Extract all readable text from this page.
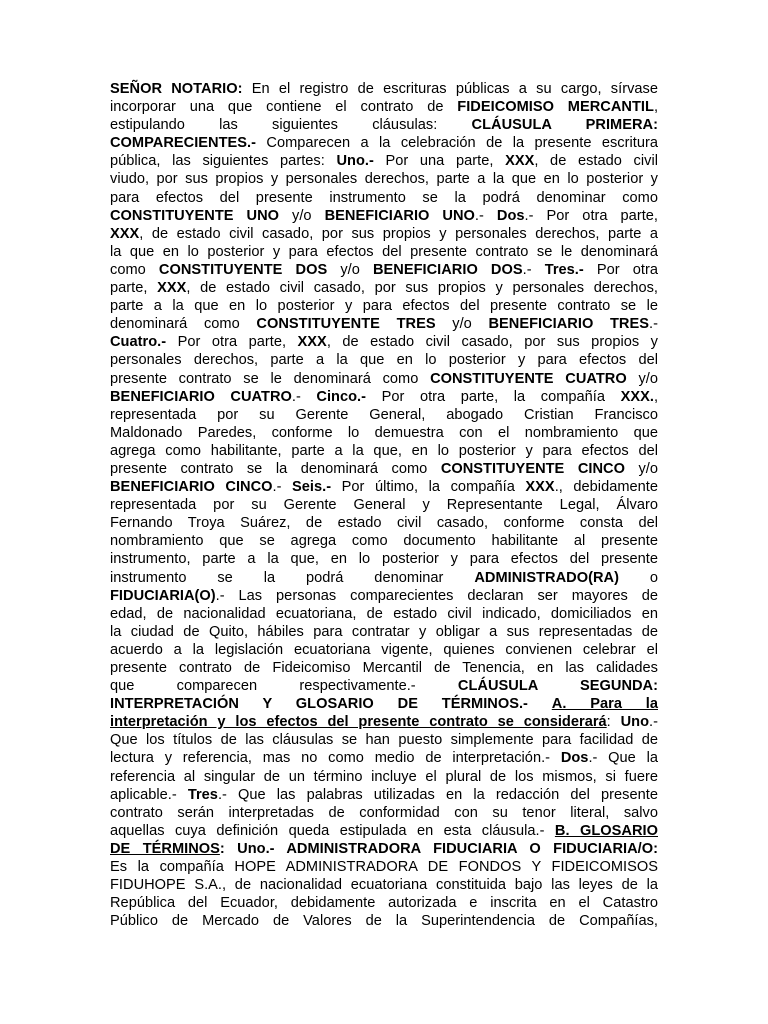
SEÑOR NOTARIO: En el registro de escrituras públicas a su cargo, sírvase
incorporar una que contiene el contrato de FIDEICOMISO MERCANTIL,
estipulando las siguientes cláusulas: CLÁUSULA PRIMERA:
COMPARECIENTES.- Comparecen a la celebración de la presente escritura
pública, las siguientes partes: Uno.- Por una parte, XXX, de estado civil
viudo, por sus propios y personales derechos, parte a la que en lo posterior y
para efectos del presente instrumento se la podrá denominar como
CONSTITUYENTE UNO y/o BENEFICIARIO UNO.- Dos.- Por otra parte,
XXX, de estado civil casado, por sus propios y personales derechos, parte a
la que en lo posterior y para efectos del presente contrato se le denominará
como CONSTITUYENTE DOS y/o BENEFICIARIO DOS.- Tres.- Por otra
parte, XXX, de estado civil casado, por sus propios y personales derechos,
parte a la que en lo posterior y para efectos del presente contrato se le
denominará como CONSTITUYENTE TRES y/o BENEFICIARIO TRES.-
Cuatro.- Por otra parte, XXX, de estado civil casado, por sus propios y
personales derechos, parte a la que en lo posterior y para efectos del
presente contrato se le denominará como CONSTITUYENTE CUATRO y/o
BENEFICIARIO CUATRO.- Cinco.- Por otra parte, la compañía XXX.,
representada por su Gerente General, abogado Cristian Francisco
Maldonado Paredes, conforme lo demuestra con el nombramiento que
agrega como habilitante, parte a la que, en lo posterior y para efectos del
presente contrato se la denominará como CONSTITUYENTE CINCO y/o
BENEFICIARIO CINCO.- Seis.- Por último, la compañía XXX., debidamente
representada por su Gerente General y Representante Legal, Álvaro
Fernando Troya Suárez, de estado civil casado, conforme consta del
nombramiento que se agrega como documento habilitante al presente
instrumento, parte a la que, en lo posterior y para efectos del presente
instrumento se la podrá denominar ADMINISTRADO(RA) o
FIDUCIARIA(O).- Las personas comparecientes declaran ser mayores de
edad, de nacionalidad ecuatoriana, de estado civil indicado, domiciliados en
la ciudad de Quito, hábiles para contratar y obligar a sus representadas de
acuerdo a la legislación ecuatoriana vigente, quienes convienen celebrar el
presente contrato de Fideicomiso Mercantil de Tenencia, en las calidades
que comparecen respectivamente.- CLÁUSULA SEGUNDA:
INTERPRETACIÓN Y GLOSARIO DE TÉRMINOS.- A. Para la
interpretación y los efectos del presente contrato se considerará: Uno.-
Que los títulos de las cláusulas se han puesto simplemente para facilidad de
lectura y referencia, mas no como medio de interpretación.- Dos.- Que la
referencia al singular de un término incluye el plural de los mismos, si fuere
aplicable.- Tres.- Que las palabras utilizadas en la redacción del presente
contrato serán interpretadas de conformidad con su tenor literal, salvo
aquellas cuya definición queda estipulada en esta cláusula.- B. GLOSARIO
DE TÉRMINOS: Uno.- ADMINISTRADORA FIDUCIARIA O FIDUCIARIA/O:
Es la compañía HOPE ADMINISTRADORA DE FONDOS Y FIDEICOMISOS
FIDUHOPE S.A., de nacionalidad ecuatoriana constituida bajo las leyes de la
República del Ecuador, debidamente autorizada e inscrita en el Catastro
Público de Mercado de Valores de la Superintendencia de Compañías,
